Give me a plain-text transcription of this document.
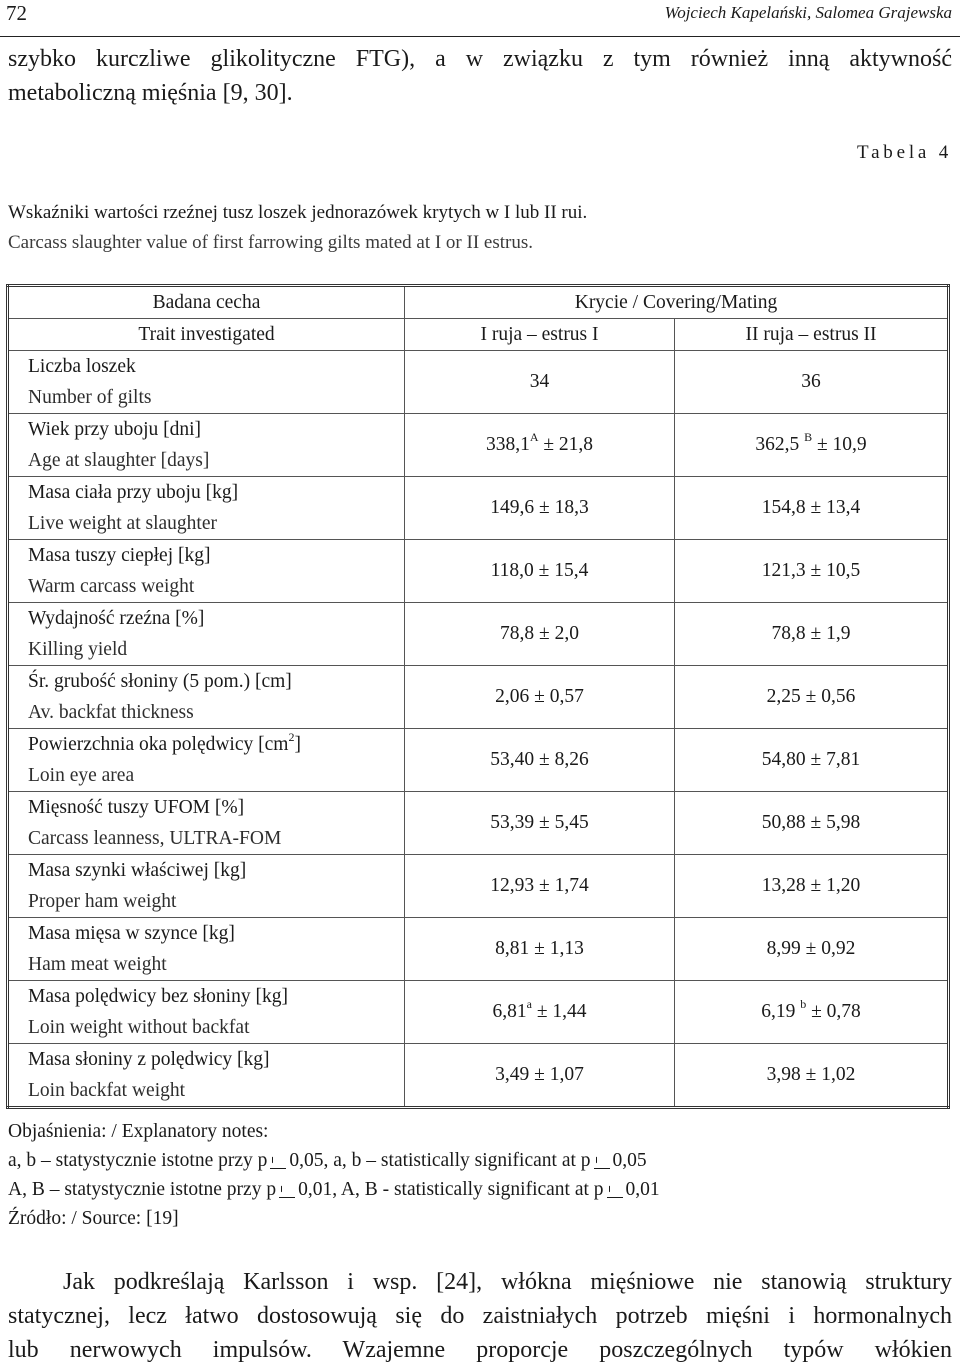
72	Wojciech Kapelański, Salomea Grajewska
szybko kurczliwe glikolityczne FTG), a w związku z tym również inną aktywność
metaboliczną mięśnia [9, 30].
Tabela 4
Wskaźniki wartości rzeźnej tusz loszek jednorazówek krytych w I lub II rui.
Carcass slaughter value of first farrowing gilts mated at I or II estrus.
Badana cecha	Krycie / Covering/Mating	
Trait investigated	I ruja – estrus I	II ruja – estrus II

Liczba loszek
Number of gilts	34	36

Wiek przy uboju [dni]
Age at slaughter [days]	$338,1^A \pm 21,8$	362,5 $^B$ ± 10,9

Masa ciała przy uboju [kg]
Live weight at slaughter	149,6 ± 18,3	154,8 ± 13,4

Masa tuszy ciepłej [kg]
Warm carcass weight	118,0 ± 15,4	121,3 ± 10,5

Wydajność rzeźna [%]
Killing yield	78,8 ± 2,0	78,8 ± 1,9

Śr. grubość słoniny (5 pom.) [cm]
Av. backfat thickness	2,06 ± 0,57	2,25 ± 0,56

Powierzchnia oka polędwicy $[cm^2]$
Loin eye area	53,40 ± 8,26	54,80 ± 7,81

Mięsność tuszy UFOM [%]
Carcass leanness, ULTRA-FOM	53,39 ± 5,45	50,88 ± 5,98

Masa szynki właściwej [kg]
Proper ham weight	12,93 ± 1,74	13,28 ± 1,20

Masa mięsa w szynce [kg]
Ham meat weight	8,81 ± 1,13	8,99 ± 0,92

Masa polędwicy bez słoniny [kg]
Loin weight without backfat	6,81$^a$ ± 1,44	6,19 $^b$ ± 0,78

Masa słoniny z polędwicy [kg]
Loin backfat weight	3,49 ± 1,07	3,98 ± 1,02
Objaśnienia: / Explanatory notes:
a, b – statystycznie istotne przy p 0,05, a, b – statistically significant at p 0,05
A, B – statystycznie istotne przy p 0,01, A, B - statistically significant at p 0,01
Źródło: / Source: [19]
Jak podkreślają Karlsson i wsp. [24], włókna mięśniowe nie stanowią struktury
statycznej, lecz łatwo dostosowują się do zaistniałych potrzeb mięśni i hormonalnych
lub nerwowych impulsów. Wzajemne proporcje poszczególnych typów włókien
